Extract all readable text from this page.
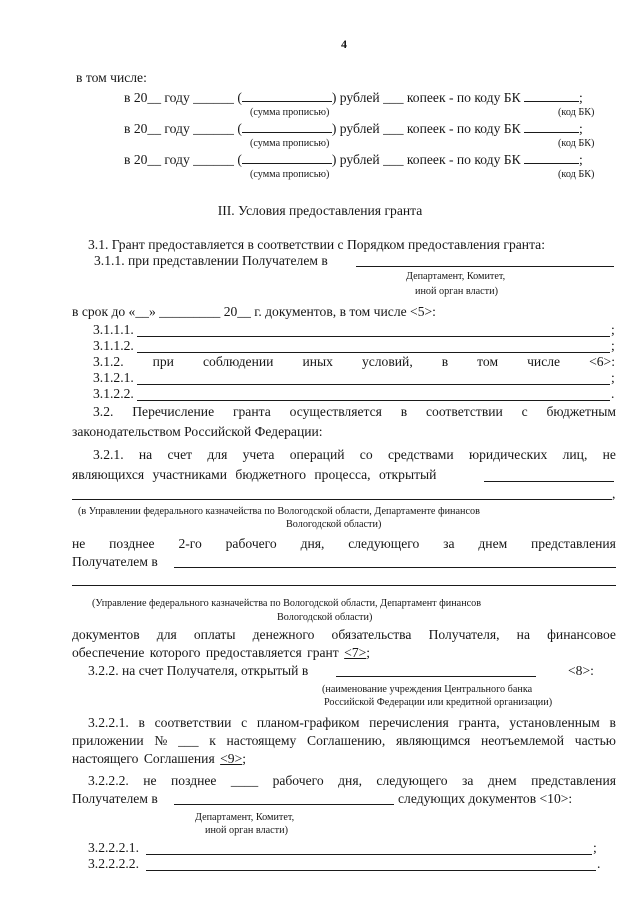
4
в том числе:
в 20__ году ______ (	) рублей ___ копеек - по коду БК	;
(сумма прописью)	(код БК)
в 20__ году ______ (	) рублей ___ копеек - по коду БК	;
(сумма прописью)	(код БК)
в 20__ году ______ (	) рублей ___ копеек - по коду БК	;
(сумма прописью)	(код БК)
III. Условия предоставления гранта
3.1. Грант предоставляется в соответствии с Порядком предоставления гранта:
3.1.1. при представлении Получателем в
Департамент, Комитет,
иной орган власти)
в срок до «__» _________ 20__ г. документов, в том числе <5>:
3.1.1.1.	;
3.1.1.2.	;
3.1.2. при соблюдении иных условий, в том числе <6>:
3.1.2.1.	;
3.1.2.2.	.
3.2. Перечисление гранта осуществляется в соответствии с бюджетным
законодательством Российской Федерации:
3.2.1. на счет для учета операций со средствами юридических лиц, не
являющихся участниками бюджетного процесса, открытый
,
(в Управлении федерального казначейства по Вологодской области, Департаменте финансов
Вологодской области)
не позднее 2-го рабочего дня, следующего за днем представления
Получателем в
(Управление федерального казначейства по Вологодской области, Департамент финансов
Вологодской области)
документов для оплаты денежного обязательства Получателя, на финансовое
обеспечение которого предоставляется грант <7>;
3.2.2. на счет Получателя, открытый в	<8>:
(наименование учреждения Центрального банка
Российской Федерации или кредитной организации)
3.2.2.1. в соответствии с планом-графиком перечисления гранта, установленным в
приложении № ___ к настоящему Соглашению, являющимся неотъемлемой частью
настоящего Соглашения <9>;
3.2.2.2. не позднее ____ рабочего дня, следующего за днем представления
Получателем в	следующих документов <10>:
Департамент, Комитет,
иной орган власти)
3.2.2.2.1.	;
3.2.2.2.2.	.
